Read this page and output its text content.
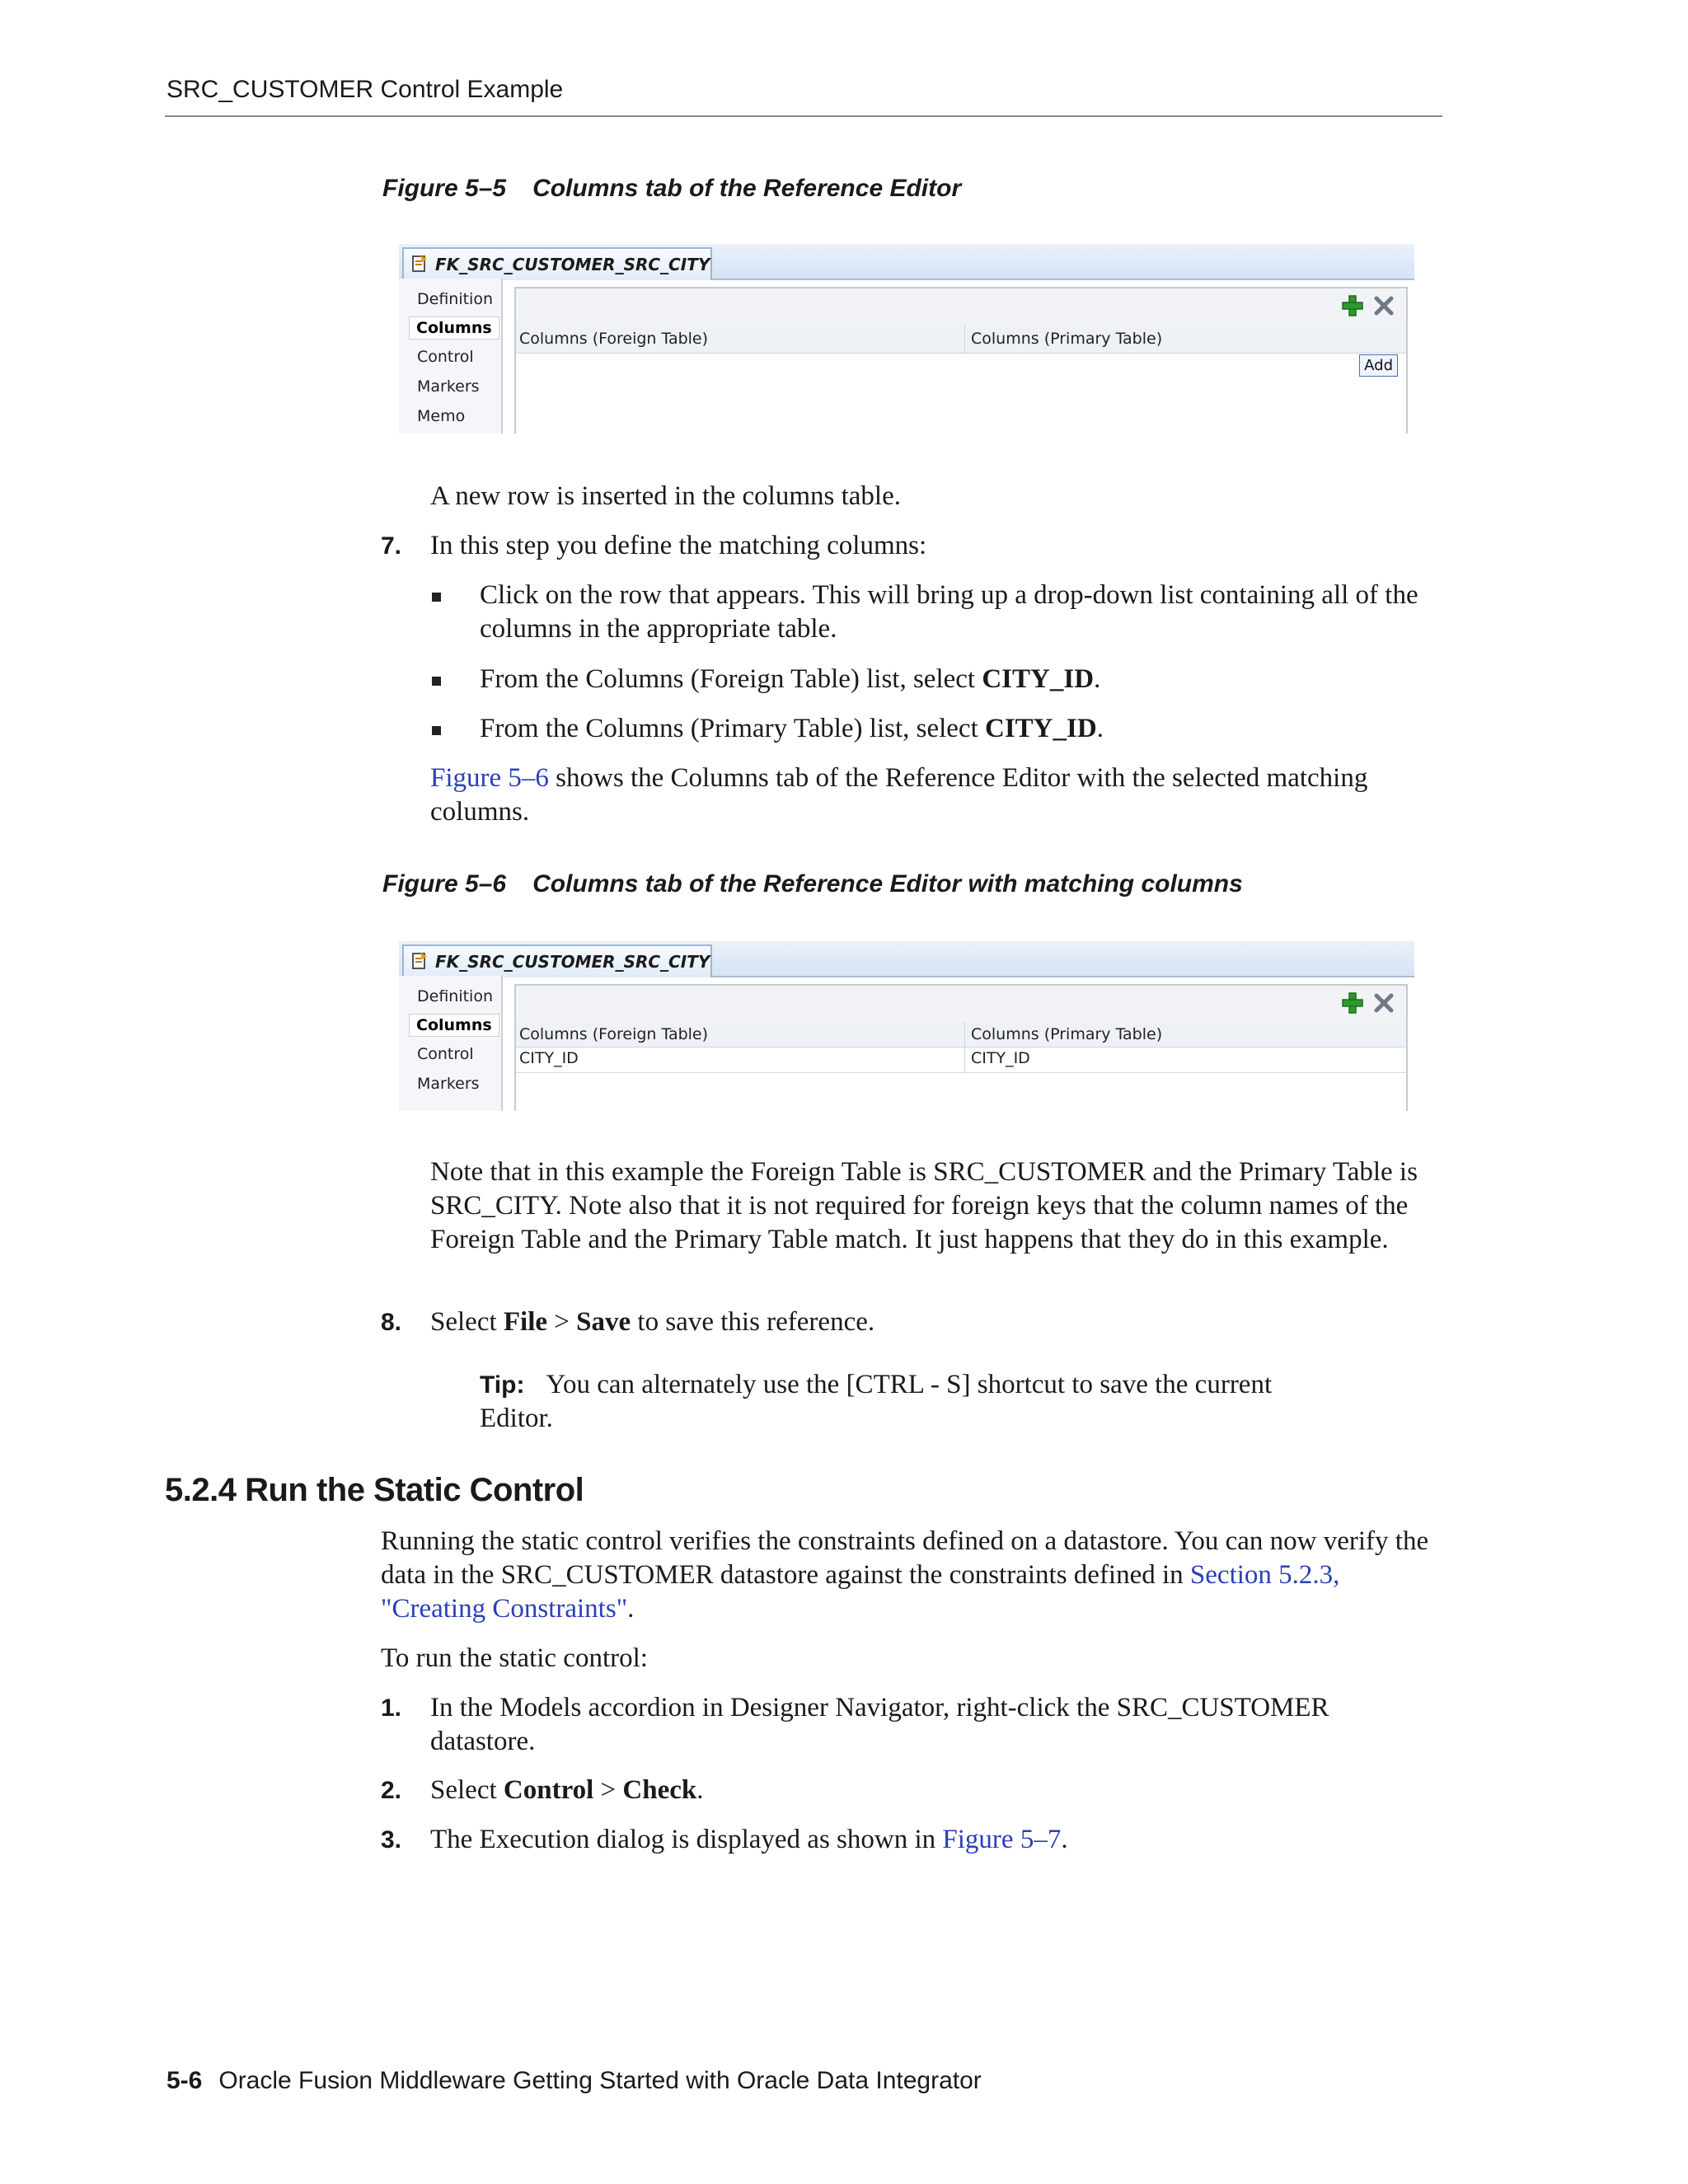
SRC_CUSTOMER Control Example
Figure 5–5 Columns tab of the Reference Editor
FK_SRC_CUSTOMER_SRC_CITY
Definition
Columns
Control
Markers
Memo
Columns (Foreign Table)	Columns (Primary Table)
Add
A new row is inserted in the columns table.
7. In this step you define the matching columns:
Click on the row that appears. This will bring up a drop-down list containing all of the columns in the appropriate table.
From the Columns (Foreign Table) list, select CITY_ID.
From the Columns (Primary Table) list, select CITY_ID.
Figure 5–6 shows the Columns tab of the Reference Editor with the selected matching columns.
Figure 5–6 Columns tab of the Reference Editor with matching columns
FK_SRC_CUSTOMER_SRC_CITY
Definition
Columns
Control
Markers
Columns (Foreign Table)	Columns (Primary Table)
CITY_ID	CITY_ID
Note that in this example the Foreign Table is SRC_CUSTOMER and the Primary Table is SRC_CITY. Note also that it is not required for foreign keys that the column names of the Foreign Table and the Primary Table match. It just happens that they do in this example.
8. Select File > Save to save this reference.
Tip: You can alternately use the [CTRL - S] shortcut to save the current Editor.
5.2.4 Run the Static Control
Running the static control verifies the constraints defined on a datastore. You can now verify the data in the SRC_CUSTOMER datastore against the constraints defined in Section 5.2.3, "Creating Constraints".
To run the static control:
1. In the Models accordion in Designer Navigator, right-click the SRC_CUSTOMER datastore.
2. Select Control > Check.
3. The Execution dialog is displayed as shown in Figure 5–7.
5-6 Oracle Fusion Middleware Getting Started with Oracle Data Integrator
